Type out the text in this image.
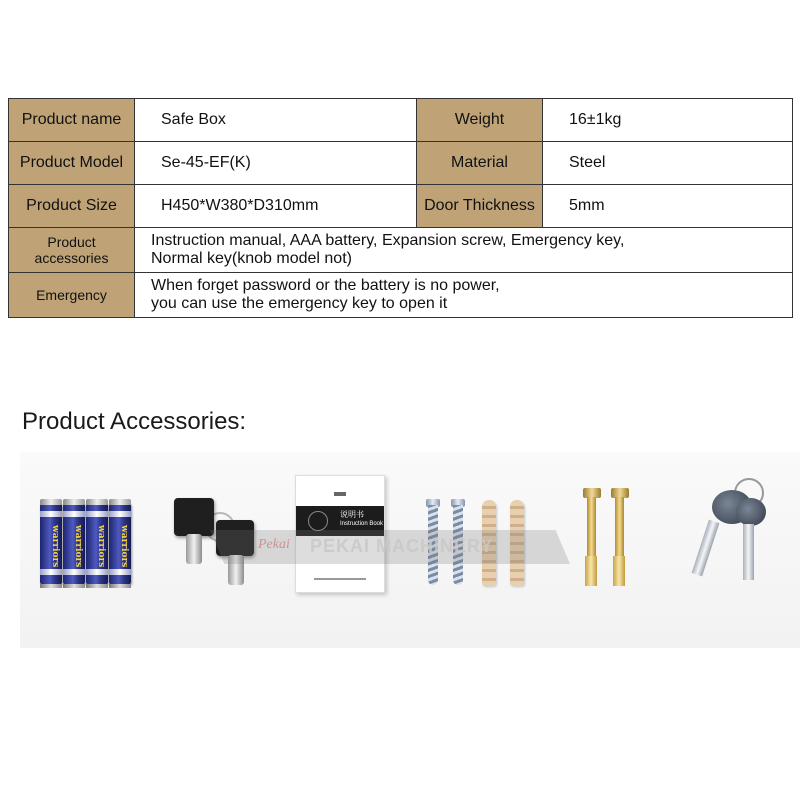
Product name	Safe Box	Weight	16±1kg

Product Model	Se-45-EF(K)	Material	Steel

Product Size	H450*W380*D310mm	Door Thickness	5mm

Product accessories	Instruction manual, AAA battery, Expansion screw, Emergency key,
Normal key(knob model not)		

Emergency	When forget password or the battery is no power,
you can use the emergency key to open it		
Product Accessories:
warriors	warriors	warriors	warriors
说明书
Instruction Book
Pekai PEKAI MACHINERY
